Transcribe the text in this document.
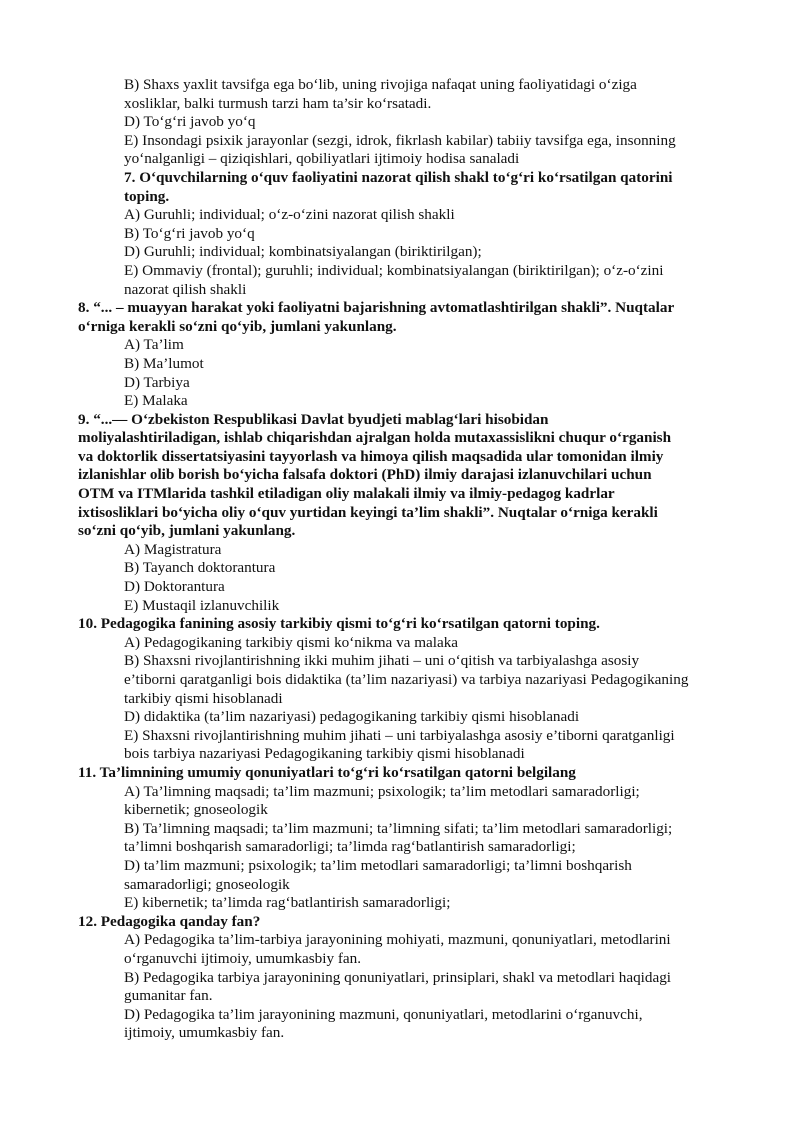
B) Shaxs yaxlit tavsifga ega bo‘lib, uning rivojiga nafaqat uning faoliyatidagi o‘ziga
xosliklar, balki turmush tarzi ham ta’sir ko‘rsatadi.
D) To‘g‘ri javob yo‘q
E) Insondagi psixik jarayonlar (sezgi, idrok, fikrlash kabilar) tabiiy tavsifga ega, insonning
yo‘nalganligi – qiziqishlari, qobiliyatlari ijtimoiy hodisa sanaladi
7. O‘quvchilarning o‘quv faoliyatini nazorat qilish shakl to‘g‘ri ko‘rsatilgan qatorini
toping.
A) Guruhli; individual; o‘z-o‘zini nazorat qilish shakli
B) To‘g‘ri javob yo‘q
D) Guruhli; individual; kombinatsiyalangan (biriktirilgan);
E) Ommaviy (frontal); guruhli; individual; kombinatsiyalangan (biriktirilgan); o‘z-o‘zini
nazorat qilish shakli
8. “... – muayyan harakat yoki faoliyatni bajarishning avtomatlashtirilgan shakli”. Nuqtalar
o‘rniga kerakli so‘zni qo‘yib, jumlani yakunlang.
A) Ta’lim
B) Ma’lumot
D) Tarbiya
E) Malaka
9. “...— O‘zbekiston Respublikasi Davlat byudjeti mablag‘lari hisobidan
moliyalashtiriladigan, ishlab chiqarishdan ajralgan holda mutaxassislikni chuqur o‘rganish
va doktorlik dissertatsiyasini tayyorlash va himoya qilish maqsadida ular tomonidan ilmiy
izlanishlar olib borish bo‘yicha falsafa doktori (PhD) ilmiy darajasi izlanuvchilari uchun
OTM va ITMlarida tashkil etiladigan oliy malakali ilmiy va ilmiy-pedagog kadrlar
ixtisosliklari bo‘yicha oliy o‘quv yurtidan keyingi ta’lim shakli”. Nuqtalar o‘rniga kerakli
so‘zni qo‘yib, jumlani yakunlang.
A) Magistratura
B) Tayanch doktorantura
D) Doktorantura
E) Mustaqil izlanuvchilik
10. Pedagogika fanining asosiy tarkibiy qismi to‘g‘ri ko‘rsatilgan qatorni toping.
A) Pedagogikaning tarkibiy qismi ko‘nikma va malaka
B) Shaxsni rivojlantirishning ikki muhim jihati – uni o‘qitish va tarbiyalashga asosiy
e’tiborni qaratganligi bois didaktika (ta’lim nazariyasi) va tarbiya nazariyasi Pedagogikaning
tarkibiy qismi hisoblanadi
D) didaktika (ta’lim nazariyasi) pedagogikaning tarkibiy qismi hisoblanadi
E) Shaxsni rivojlantirishning muhim jihati – uni tarbiyalashga asosiy e’tiborni qaratganligi
bois tarbiya nazariyasi Pedagogikaning tarkibiy qismi hisoblanadi
11. Ta’limnining umumiy qonuniyatlari to‘g‘ri ko‘rsatilgan qatorni belgilang
A) Ta’limning maqsadi; ta’lim mazmuni; psixologik; ta’lim metodlari samaradorligi;
kibernetik; gnoseologik
B) Ta’limning maqsadi; ta’lim mazmuni; ta’limning sifati; ta’lim metodlari samaradorligi;
ta’limni boshqarish samaradorligi; ta’limda rag‘batlantirish samaradorligi;
D) ta’lim mazmuni; psixologik; ta’lim metodlari samaradorligi; ta’limni boshqarish
samaradorligi; gnoseologik
E) kibernetik; ta’limda rag‘batlantirish samaradorligi;
12. Pedagogika qanday fan?
A) Pedagogika ta’lim-tarbiya jarayonining mohiyati, mazmuni, qonuniyatlari, metodlarini
o‘rganuvchi ijtimoiy, umumkasbiy fan.
B) Pedagogika tarbiya jarayonining qonuniyatlari, prinsiplari, shakl va metodlari haqidagi
gumanitar fan.
D) Pedagogika ta’lim jarayonining mazmuni, qonuniyatlari, metodlarini o‘rganuvchi,
ijtimoiy, umumkasbiy fan.
